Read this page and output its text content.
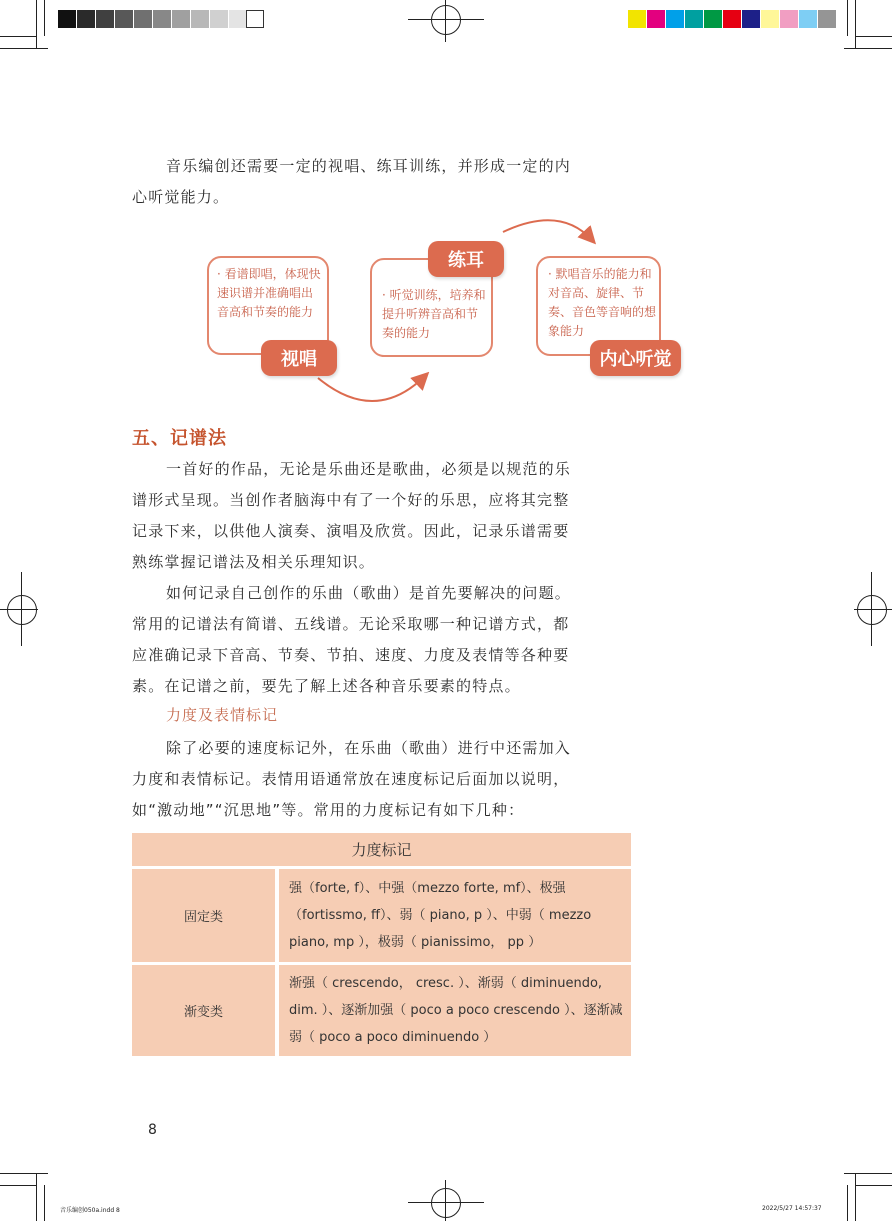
音乐编创还需要一定的视唱、练耳训练，并形成一定的内心听觉能力。

· 看谱即唱，体现快速识谱并准确唱出音高和节奏的能力
视唱
· 听觉训练，培养和提升听辨音高和节奏的能力
练耳
· 默唱音乐的能力和对音高、旋律、节奏、音色等音响的想象能力
内心听觉
五、记谱法

一首好的作品，无论是乐曲还是歌曲，必须是以规范的乐谱形式呈现。当创作者脑海中有了一个好的乐思，应将其完整记录下来，以供他人演奏、演唱及欣赏。因此，记录乐谱需要熟练掌握记谱法及相关乐理知识。

如何记录自己创作的乐曲（歌曲）是首先要解决的问题。常用的记谱法有简谱、五线谱。无论采取哪一种记谱方式，都应准确记录下音高、节奏、节拍、速度、力度及表情等各种要素。在记谱之前，要先了解上述各种音乐要素的特点。

力度及表情标记

除了必要的速度标记外，在乐曲（歌曲）进行中还需加入力度和表情标记。表情用语通常放在速度标记后面加以说明，如“激动地”“沉思地”等。常用的力度标记有如下几种：

力度标记	
固定类	强（forte, f）、中强（mezzo forte, mf）、极强（fortissmo, ff）、弱（ piano, p ）、中弱（ mezzo piano, mp ），极弱（ pianissimo， pp ）
渐变类	渐强（ crescendo， cresc. ）、渐弱（ diminuendo, dim. ）、逐渐加强（ poco a poco crescendo ）、逐渐减弱（ poco a poco diminuendo ）
8
音乐编创050a.indd 8	2022/5/27 14:57:37
